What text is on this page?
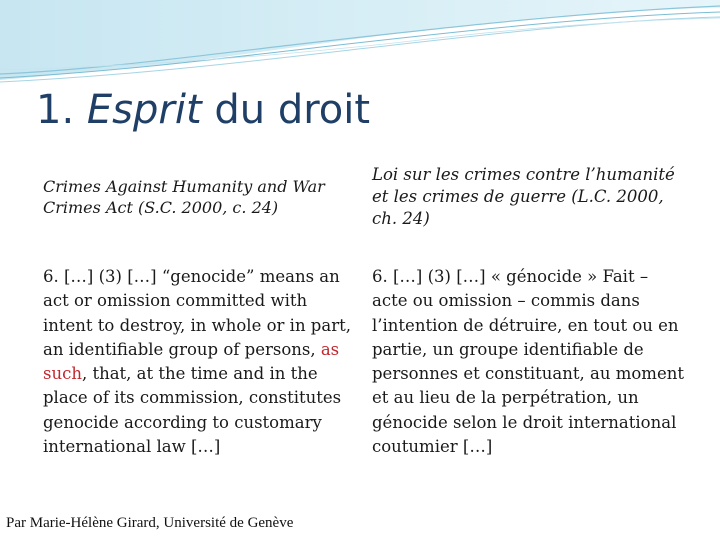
1. Esprit du droit
Crimes Against Humanity and War Crimes Act (S.C. 2000, c. 24)
6. […] (3) […] “genocide” means an act or omission committed with intent to destroy, in whole or in part, an identifiable group of persons, as such, that, at the time and in the place of its commission, constitutes genocide according to customary international law […]
Loi sur les crimes contre l’humanité et les crimes de guerre (L.C. 2000, ch. 24)
6. […] (3) […] « génocide » Fait – acte ou omission – commis dans l’intention de détruire, en tout ou en partie, un groupe identifiable de personnes et constituant, au moment et au lieu de la perpétration, un génocide selon le droit international coutumier […]
Par Marie-Hélène Girard, Université de Genève
